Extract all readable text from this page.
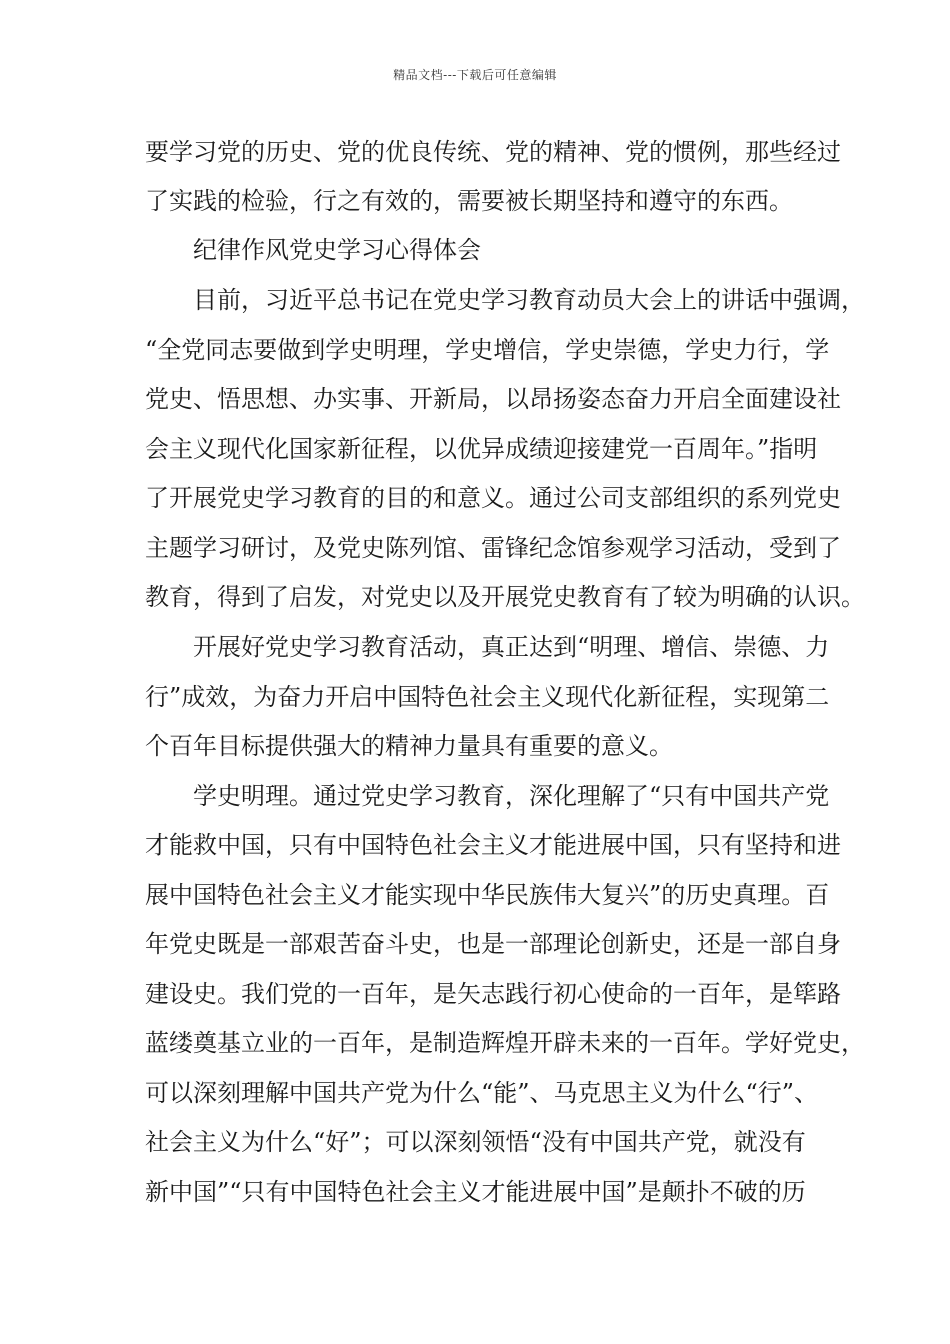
精品文档---下载后可任意编辑
要学习党的历史、党的优良传统、党的精神、党的惯例，那些经过
了实践的检验，行之有效的，需要被长期坚持和遵守的东西。
纪律作风党史学习心得体会
目前，习近平总书记在党史学习教育动员大会上的讲话中强调，
“全党同志要做到学史明理，学史增信，学史崇德，学史力行，学
党史、悟思想、办实事、开新局，以昂扬姿态奋力开启全面建设社
会主义现代化国家新征程，以优异成绩迎接建党一百周年。”指明
了开展党史学习教育的目的和意义。通过公司支部组织的系列党史
主题学习研讨，及党史陈列馆、雷锋纪念馆参观学习活动，受到了
教育，得到了启发，对党史以及开展党史教育有了较为明确的认识。
开展好党史学习教育活动，真正达到“明理、增信、崇德、力
行”成效，为奋力开启中国特色社会主义现代化新征程，实现第二
个百年目标提供强大的精神力量具有重要的意义。
学史明理。通过党史学习教育，深化理解了“只有中国共产党
才能救中国，只有中国特色社会主义才能进展中国，只有坚持和进
展中国特色社会主义才能实现中华民族伟大复兴”的历史真理。百
年党史既是一部艰苦奋斗史，也是一部理论创新史，还是一部自身
建设史。我们党的一百年，是矢志践行初心使命的一百年，是筚路
蓝缕奠基立业的一百年，是制造辉煌开辟未来的一百年。学好党史，
可以深刻理解中国共产党为什么“能”、马克思主义为什么“行”、
社会主义为什么“好”；可以深刻领悟“没有中国共产党，就没有
新中国”“只有中国特色社会主义才能进展中国”是颠扑不破的历
